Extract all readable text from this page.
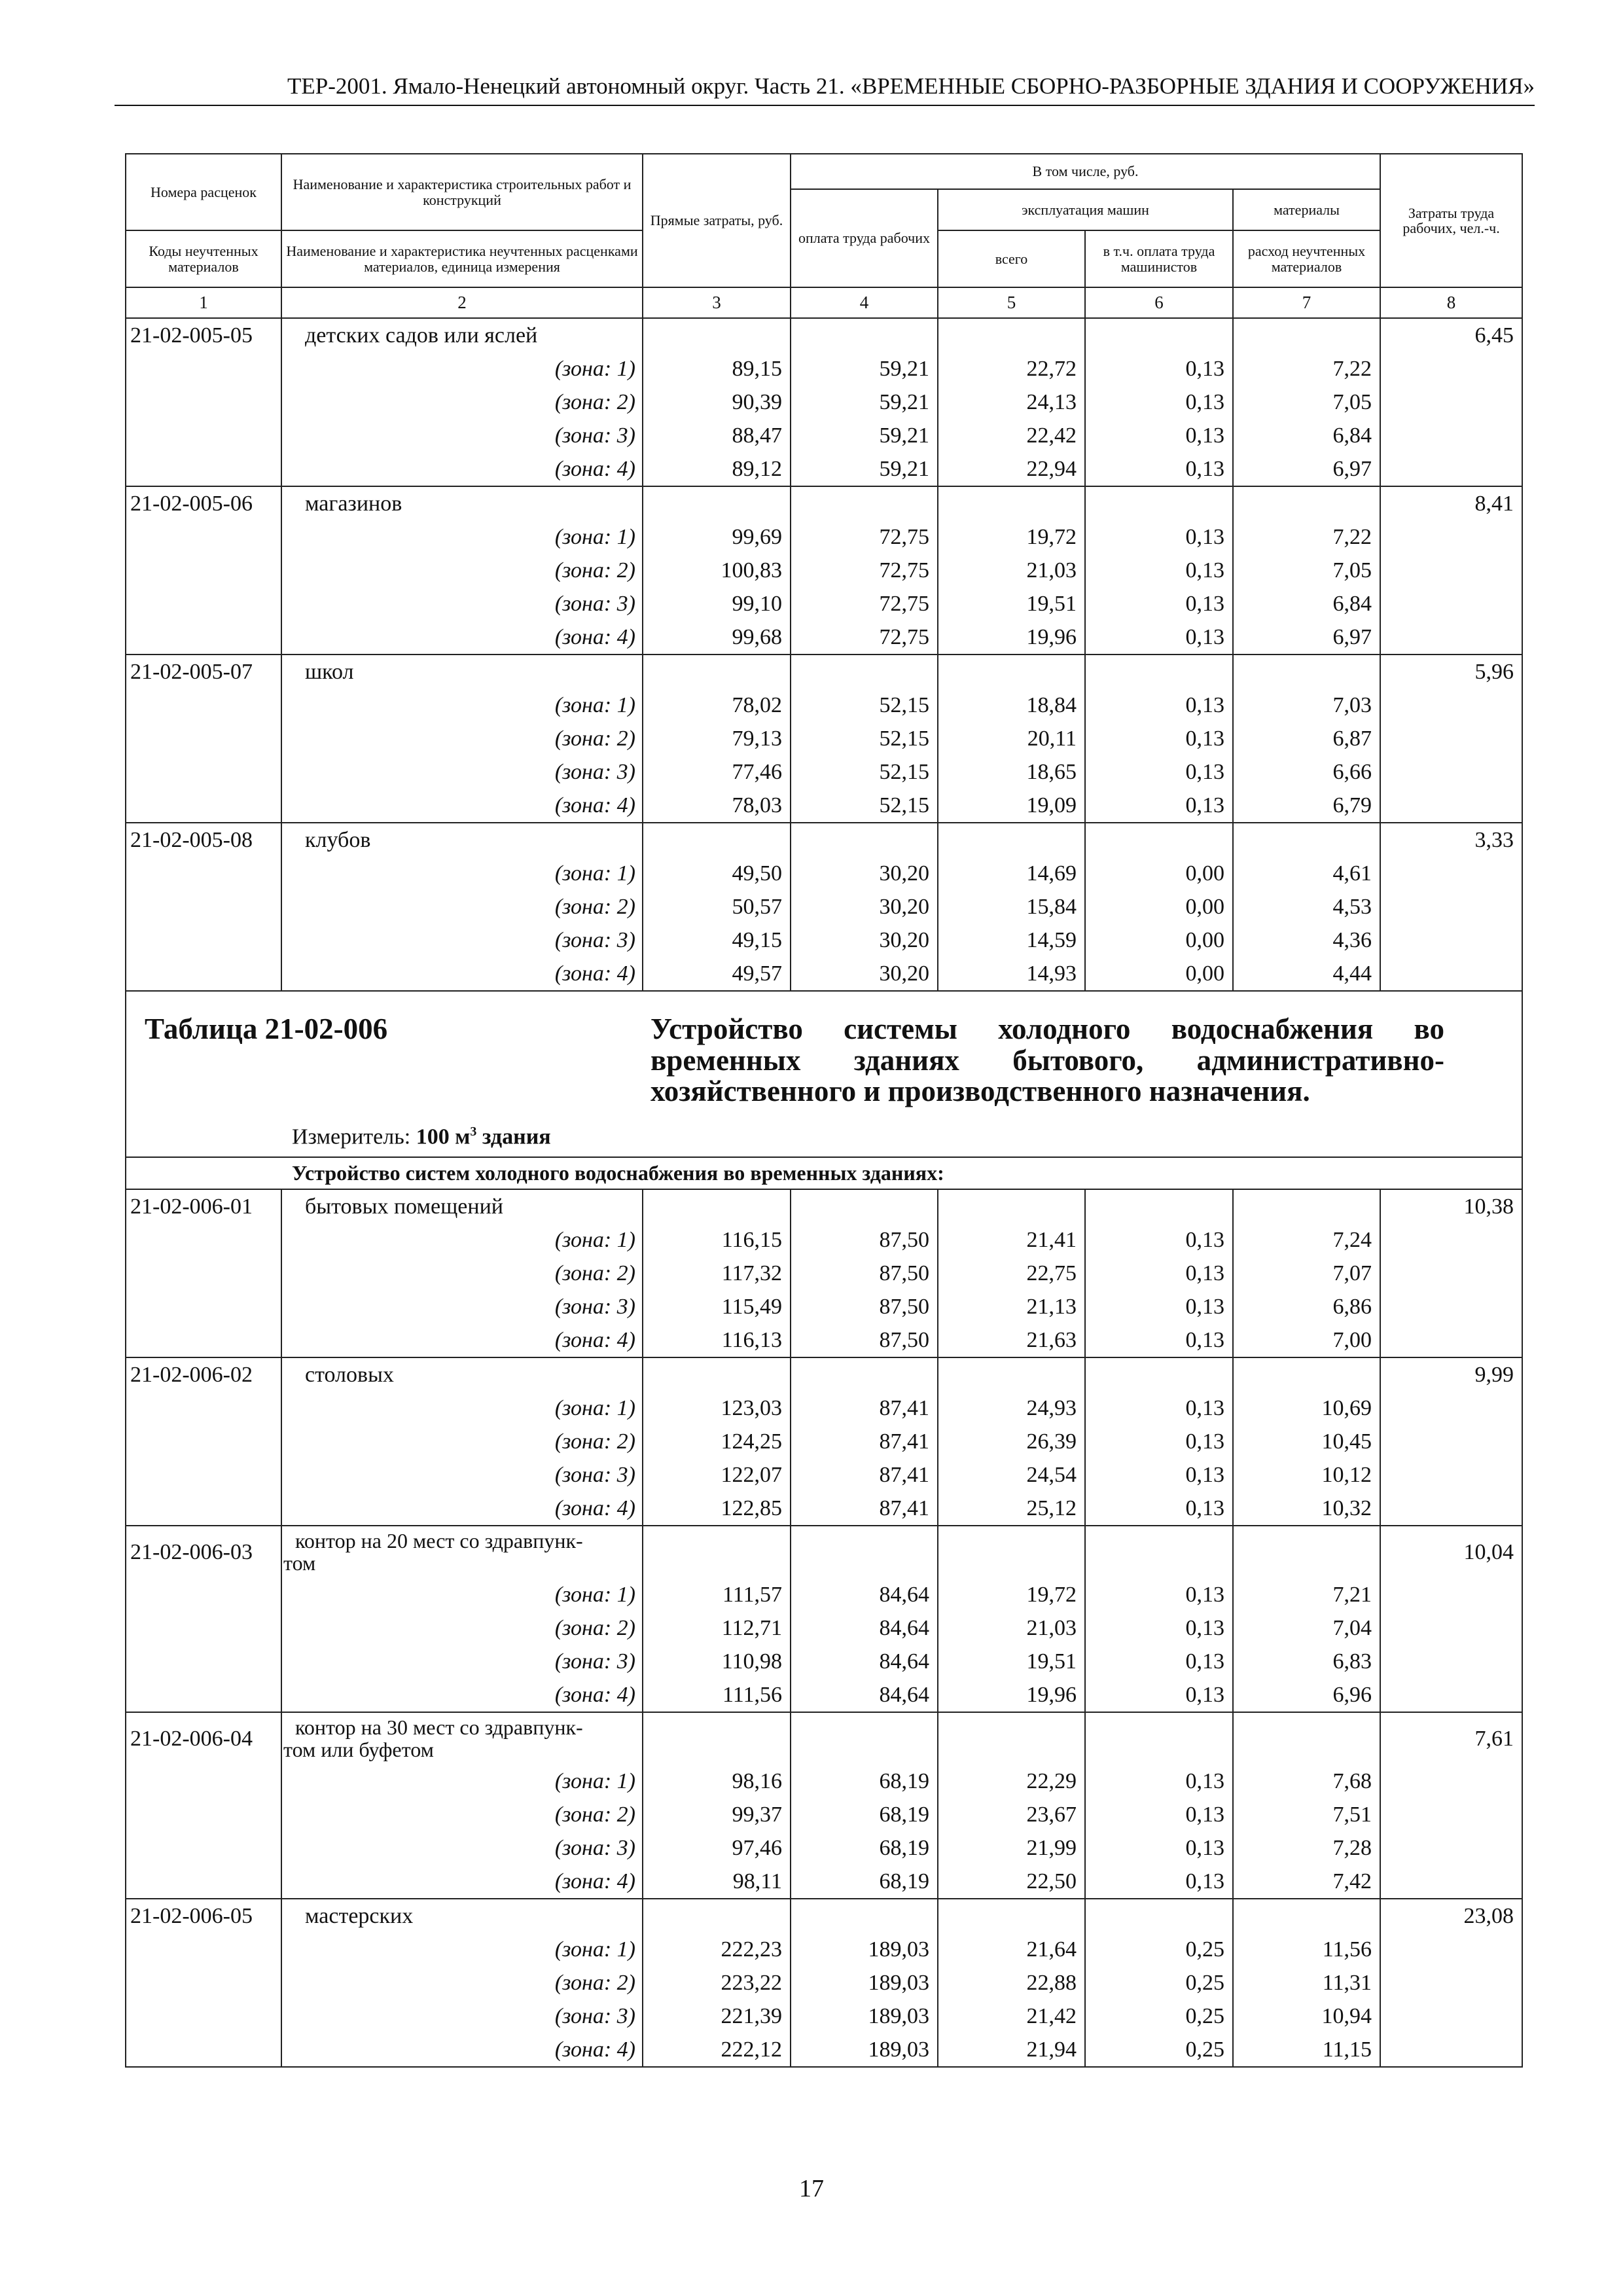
ТЕР-2001. Ямало-Ненецкий автономный округ. Часть 21. «ВРЕМЕННЫЕ СБОРНО-РАЗБОРНЫЕ ЗДАНИЯ И СООРУЖЕНИЯ»
Номера расценок	Наименование и характеристика строительных работ и конструкций	Прямые затраты, руб.	В том числе, руб.				Затраты труда рабочих, чел.-ч.
			оплата труда рабочих	эксплуатация машин		материалы	
Коды неучтенных материалов	Наименование и характеристика неучтенных расценками материалов, единица измерения			всего	в т.ч. оплата труда машинистов	расход неучтенных материалов	
1	2	3	4	5	6	7	8
21-02-005-05	детских садов или яслей						6,45
	(зона: 1)	89,15	59,21	22,72	0,13	7,22	
	(зона: 2)	90,39	59,21	24,13	0,13	7,05	
	(зона: 3)	88,47	59,21	22,42	0,13	6,84	
	(зона: 4)	89,12	59,21	22,94	0,13	6,97	
21-02-005-06	магазинов						8,41
	(зона: 1)	99,69	72,75	19,72	0,13	7,22	
	(зона: 2)	100,83	72,75	21,03	0,13	7,05	
	(зона: 3)	99,10	72,75	19,51	0,13	6,84	
	(зона: 4)	99,68	72,75	19,96	0,13	6,97	
21-02-005-07	школ						5,96
	(зона: 1)	78,02	52,15	18,84	0,13	7,03	
	(зона: 2)	79,13	52,15	20,11	0,13	6,87	
	(зона: 3)	77,46	52,15	18,65	0,13	6,66	
	(зона: 4)	78,03	52,15	19,09	0,13	6,79	
21-02-005-08	клубов						3,33
	(зона: 1)	49,50	30,20	14,69	0,00	4,61	
	(зона: 2)	50,57	30,20	15,84	0,00	4,53	
	(зона: 3)	49,15	30,20	14,59	0,00	4,36	
	(зона: 4)	49,57	30,20	14,93	0,00	4,44	

Таблица 21-02-006 Устройство системы холодного водоснабжения во временных зданиях бытового, административно-хозяйственного и производственного назначения.
Измеритель: 100 $м^3$ здания							

Устройство систем холодного водоснабжения во временных зданиях:							
21-02-006-01	бытовых помещений						10,38
	(зона: 1)	116,15	87,50	21,41	0,13	7,24	
	(зона: 2)	117,32	87,50	22,75	0,13	7,07	
	(зона: 3)	115,49	87,50	21,13	0,13	6,86	
	(зона: 4)	116,13	87,50	21,63	0,13	7,00	
21-02-006-02	столовых						9,99
	(зона: 1)	123,03	87,41	24,93	0,13	10,69	
	(зона: 2)	124,25	87,41	26,39	0,13	10,45	
	(зона: 3)	122,07	87,41	24,54	0,13	10,12	
	(зона: 4)	122,85	87,41	25,12	0,13	10,32	
21-02-006-03	контор на 20 мест со здравпунк-
том						10,04
	(зона: 1)	111,57	84,64	19,72	0,13	7,21	
	(зона: 2)	112,71	84,64	21,03	0,13	7,04	
	(зона: 3)	110,98	84,64	19,51	0,13	6,83	
	(зона: 4)	111,56	84,64	19,96	0,13	6,96	
21-02-006-04	контор на 30 мест со здравпунк-
том или буфетом						7,61
	(зона: 1)	98,16	68,19	22,29	0,13	7,68	
	(зона: 2)	99,37	68,19	23,67	0,13	7,51	
	(зона: 3)	97,46	68,19	21,99	0,13	7,28	
	(зона: 4)	98,11	68,19	22,50	0,13	7,42	
21-02-006-05	мастерских						23,08
	(зона: 1)	222,23	189,03	21,64	0,25	11,56	
	(зона: 2)	223,22	189,03	22,88	0,25	11,31	
	(зона: 3)	221,39	189,03	21,42	0,25	10,94	
	(зона: 4)	222,12	189,03	21,94	0,25	11,15	
17
